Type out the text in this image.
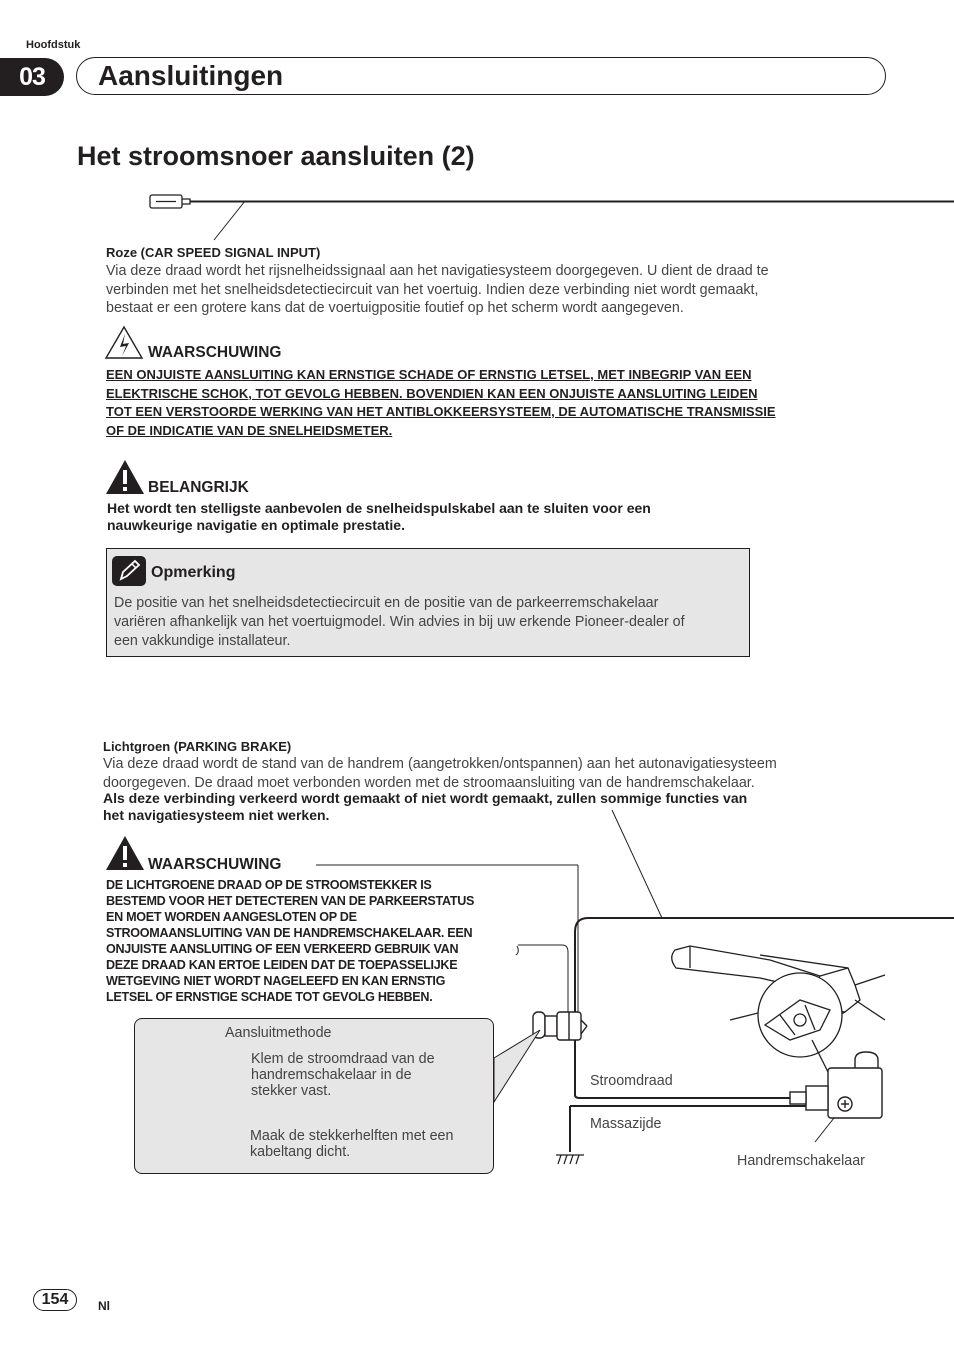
Hoofdstuk
03	Aansluitingen
Het stroomsnoer aansluiten (2)
Roze (CAR SPEED SIGNAL INPUT)
Via deze draad wordt het rijsnelheidssignaal aan het navigatiesysteem doorgegeven. U dient de draad te
verbinden met het snelheidsdetectiecircuit van het voertuig. Indien deze verbinding niet wordt gemaakt,
bestaat er een grotere kans dat de voertuigpositie foutief op het scherm wordt aangegeven.
WAARSCHUWING
EEN ONJUISTE AANSLUITING KAN ERNSTIGE SCHADE OF ERNSTIG LETSEL, MET INBEGRIP VAN EEN
ELEKTRISCHE SCHOK, TOT GEVOLG HEBBEN. BOVENDIEN KAN EEN ONJUISTE AANSLUITING LEIDEN
TOT EEN VERSTOORDE WERKING VAN HET ANTIBLOKKEERSYSTEEM, DE AUTOMATISCHE TRANSMISSIE
OF DE INDICATIE VAN DE SNELHEIDSMETER.
BELANGRIJK
Het wordt ten stelligste aanbevolen de snelheidspulskabel aan te sluiten voor een
nauwkeurige navigatie en optimale prestatie.
Opmerking
De positie van het snelheidsdetectiecircuit en de positie van de parkeerremschakelaar
variëren afhankelijk van het voertuigmodel. Win advies in bij uw erkende Pioneer-dealer of
een vakkundige installateur.
Lichtgroen (PARKING BRAKE)
Via deze draad wordt de stand van de handrem (aangetrokken/ontspannen) aan het autonavigatiesysteem
doorgegeven. De draad moet verbonden worden met de stroomaansluiting van de handremschakelaar.
Als deze verbinding verkeerd wordt gemaakt of niet wordt gemaakt, zullen sommige functies van
het navigatiesysteem niet werken.
WAARSCHUWING
DE LICHTGROENE DRAAD OP DE STROOMSTEKKER IS
BESTEMD VOOR HET DETECTEREN VAN DE PARKEERSTATUS
EN MOET WORDEN AANGESLOTEN OP DE
STROOMAANSLUITING VAN DE HANDREMSCHAKELAAR. EEN
ONJUISTE AANSLUITING OF EEN VERKEERD GEBRUIK VAN
DEZE DRAAD KAN ERTOE LEIDEN DAT DE TOEPASSELIJKE
WETGEVING NIET WORDT NAGELEEFD EN KAN ERNSTIG
LETSEL OF ERNSTIGE SCHADE TOT GEVOLG HEBBEN.
Aansluitmethode
Klem de stroomdraad van de
handremschakelaar in de
stekker vast.
Maak de stekkerhelften met een
kabeltang dicht.
Stroomdraad
Massazijde
Handremschakelaar
154	Nl
